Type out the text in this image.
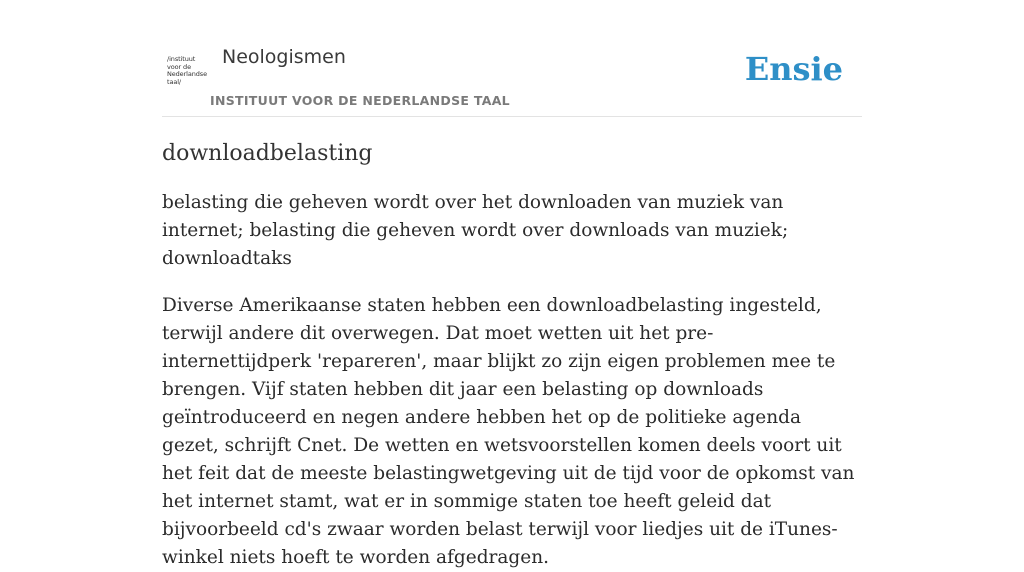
/instituut
voor de
Nederlandse
taal/
Neologismen
INSTITUUT VOOR DE NEDERLANDSE TAAL
Ensie
downloadbelasting

belasting die geheven wordt over het downloaden van muziek van internet; belasting die geheven wordt over downloads van muziek; downloadtaks

Diverse Amerikaanse staten hebben een downloadbelasting ingesteld, terwijl andere dit overwegen. Dat moet wetten uit het pre-internettijdperk 'repareren', maar blijkt zo zijn eigen problemen mee te brengen. Vijf staten hebben dit jaar een belasting op downloads geïntroduceerd en negen andere hebben het op de politieke agenda gezet, schrijft Cnet. De wetten en wetsvoorstellen komen deels voort uit het feit dat de meeste belastingwetgeving uit de tijd voor de opkomst van het internet stamt, wat er in sommige staten toe heeft geleid dat bijvoorbeeld cd's zwaar worden belast terwijl voor liedjes uit de iTunes-winkel niets hoeft te worden afgedragen.
